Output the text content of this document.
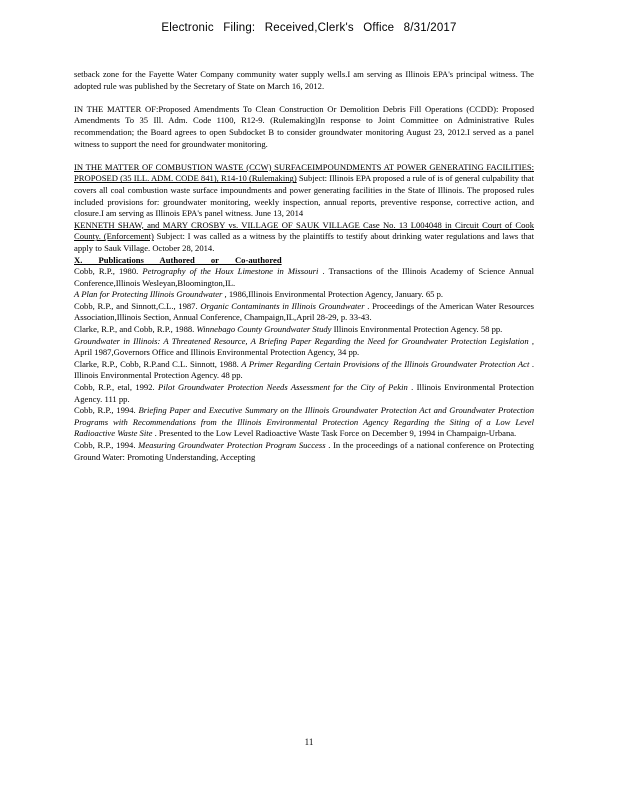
Electronic Filing: Received,Clerk's Office 8/31/2017

setback zone for the Fayette Water Company community water supply wells.I am serving as Illinois EPA's principal witness. The adopted rule was published by the Secretary of State on March 16, 2012.

IN THE MATTER OF:Proposed Amendments To Clean Construction Or Demolition Debris Fill Operations (CCDD): Proposed Amendments To 35 Ill. Adm. Code 1100, R12-9. (Rulemaking)In response to Joint Committee on Administrative Rules recommendation; the Board agrees to open Subdocket B to consider groundwater monitoring August 23, 2012.I served as a panel witness to support the need for groundwater monitoring.

IN THE MATTER OF COMBUSTION WASTE (CCW) SURFACEIMPOUNDMENTS AT POWER GENERATING FACILITIES: PROPOSED (35 ILL. ADM. CODE 841), R14-10 (Rulemaking) Subject: Illinois EPA proposed a rule of is of general culpability that covers all coal combustion waste surface impoundments and power generating facilities in the State of Illinois. The proposed rules included provisions for: groundwater monitoring, weekly inspection, annual reports, preventive response, corrective action, and closure.I am serving as Illinois EPA's panel witness. June 13, 2014

KENNETH SHAW, and MARY CROSBY vs. VILLAGE OF SAUK VILLAGE Case No. 13 L004048 in Circuit Court of Cook County. (Enforcement) Subject: I was called as a witness by the plaintiffs to testify about drinking water regulations and laws that apply to Sauk Village. October 28, 2014.

X. Publications Authored or Co-authored

Cobb, R.P., 1980. Petrography of the Houx Limestone in Missouri . Transactions of the Illinois Academy of Science Annual Conference,Illinois Wesleyan,Bloomington,IL.

A Plan for Protecting Illinois Groundwater , 1986,Illinois Environmental Protection Agency, January. 65 p.

Cobb, R.P., and Sinnott,C.L., 1987. Organic Contaminants in Illinois Groundwater . Proceedings of the American Water Resources Association,Illinois Section, Annual Conference, Champaign,IL,April 28-29, p. 33-43.

Clarke, R.P., and Cobb, R.P., 1988. Winnebago County Groundwater Study Illinois Environmental Protection Agency. 58 pp.

Groundwater in Illinois: A Threatened Resource, A Briefing Paper Regarding the Need for Groundwater Protection Legislation , April 1987,Governors Office and Illinois Environmental Protection Agency, 34 pp.

Clarke, R.P., Cobb, R.P.and C.L. Sinnott, 1988. A Primer Regarding Certain Provisions of the Illinois Groundwater Protection Act . Illinois Environmental Protection Agency. 48 pp.

Cobb, R.P., etal, 1992. Pilot Groundwater Protection Needs Assessment for the City of Pekin . Illinois Environmental Protection Agency. 111 pp.

Cobb, R.P., 1994. Briefing Paper and Executive Summary on the Illinois Groundwater Protection Act and Groundwater Protection Programs with Recommendations from the Illinois Environmental Protection Agency Regarding the Siting of a Low Level Radioactive Waste Site . Presented to the Low Level Radioactive Waste Task Force on December 9, 1994 in Champaign-Urbana.

Cobb, R.P., 1994. Measuring Groundwater Protection Program Success . In the proceedings of a national conference on Protecting Ground Water: Promoting Understanding, Accepting

11
